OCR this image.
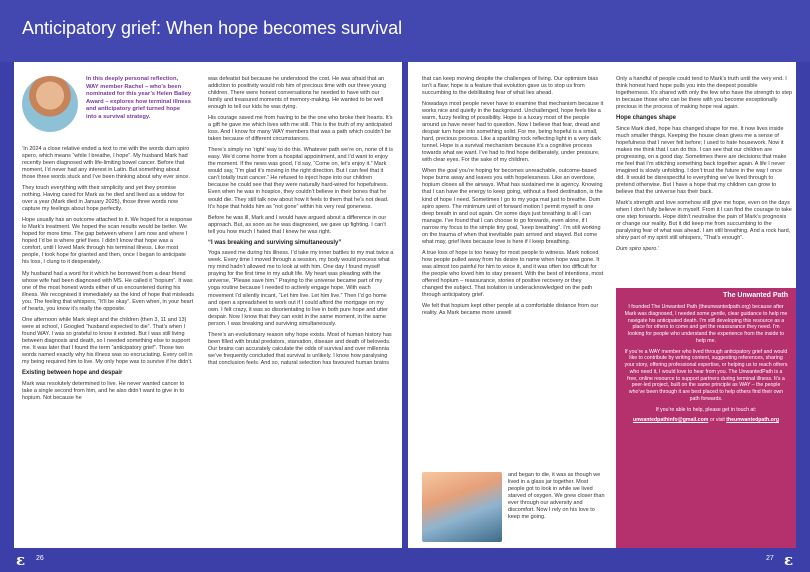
Anticipatory grief: When hope becomes survival
In this deeply personal reflection, WAY member Rachel – who’s been nominated for this year’s Helen Bailey Award – explores how terminal illness and anticipatory grief turned hope into a survival strategy.

‘In 2024 a close relative ended a text to me with the words dum spiro spero, which means “while I breathe, I hope”. My husband Mark had recently been diagnosed with life-limiting bowel cancer. Before that moment, I’d never had any interest in Latin. But something about those three words stuck and I’ve been thinking about why ever since.

They touch everything with their simplicity and yet they promise nothing. Having cared for Mark as he died and lived as a widow for over a year (Mark died in January 2025), those three words now capture my feelings about hope perfectly.

Hope usually has an outcome attached to it. We hoped for a response to Mark’s treatment. We hoped the scan results would be better. We hoped for more time. The gap between where I am now and where I hoped I’d be is where grief lives. I didn’t know that hope was a comfort, until I loved Mark through his terminal illness. Like most people, I took hope for granted and then, once I began to anticipate his loss, I clung to it desperately.

My husband had a word for it which he borrowed from a dear friend whose wife had been diagnosed with MS. He called it “hopium”. It was one of the most honest words either of us encountered during his illness. We recognised it immediately as the kind of hope that misleads you. The feeling that whispers, “It’ll be okay”. Even when, in your heart of hearts, you know it’s really the opposite.

One afternoon while Mark slept and the children (then 3, 11 and 13) were at school, I Googled “husband expected to die”. That’s when I found WAY. I was so grateful to know it existed. But I was still living between diagnosis and death, so I needed something else to support me. It was later that I found the term “anticipatory grief”. Those two words named exactly why his illness was so excruciating. Every cell in my being required him to live. My only hope was to survive if he didn’t.

Existing between hope and despair

Mark was resolutely determined to live. He never wanted cancer to take a single second from him, and he also didn’t want to give in to hopium. Not because he

was defeatist but because he understood the cost. He was afraid that an addiction to positivity would rob him of precious time with our three young children. There were honest conversations he needed to have with our family and treasured moments of memory-making. He wanted to be well enough to tell our kids he was dying.

His courage saved me from having to be the one who broke their hearts. It’s a gift he gave me which lives with me still. This is the truth of my anticipated loss. And I know for many WAY members that was a path which couldn’t be taken because of different circumstances.

There’s simply no ‘right’ way to do this. Whatever path we’re on, none of it is easy. We’d come home from a hospital appointment, and I’d want to enjoy the moment. If the news was good, I’d say, “Come on, let’s enjoy it.” Mark would say, “I’m glad it’s moving in the right direction. But I can feel that it can’t totally trust cancer.” He refused to inject hope into our children because he could see that they were naturally hard-wired for hopefulness. Even when he was in hospice, they couldn’t believe in their bones that he would die. They still talk now about how it feels to them that he’s not dead. It’s hope that holds him as “not gone” within his very real goneness.

Before he was ill, Mark and I would have argued about a difference in our approach. But, as soon as he was diagnosed, we gave up fighting. I can’t tell you how much I hated that I knew he was right.

“I was breaking and surviving simultaneously”

Yoga saved me during his illness. I’d take my inner battles to my mat twice a week. Every time I moved through a session, my body would process what my mind hadn’t allowed me to look at with him. One day I found myself praying for the first time in my adult life. My heart was pleading with the universe, “Please save him.” Praying to the universe became part of my yoga routine because I needed to actively engage hope. With each movement I’d silently incant, “Let him live. Let him live.” Then I’d go home and open a spreadsheet to work out if I could afford the mortgage on my own. I felt crazy, it was so disorientating to live in both pure hope and utter despair. Now I know that they can exist in the same moment, in the same person. I was breaking and surviving simultaneously.

There’s an evolutionary reason why hope exists. Most of human history has been filled with brutal predators, starvation, disease and death of beloveds. Our brains can accurately calculate the odds of survival and over millennia we’ve frequently concluded that survival is unlikely. I know how paralysing that conclusion feels. And so, natural selection has favoured human brains

that can keep moving despite the challenges of living. Our optimism bias isn’t a flaw; hope is a feature that evolution gave us to stop us from succumbing to the debilitating fear of what lies ahead.

Nowadays most people never have to examine that mechanism because it works nice and quietly in the background. Unchallenged, hope feels like a warm, fuzzy feeling of possibility. Hope is a luxury most of the people around us have never had to question. Now I believe that fear, dread and despair turn hope into something solid. For me, being hopeful is a small, hard, precious process. Like a sparkling rock reflecting light in a very dark tunnel. Hope is a survival mechanism because it’s a cognitive process towards what we want. I’ve had to find hope deliberately, under pressure, with clear eyes. For the sake of my children.

When the goal you’re hoping for becomes unreachable, outcome-based hope burns away and leaves you with hopelessness. Like an overdose, hopium closes all the airways. What has sustained me is agency. Knowing that I can have the energy to keep going, without a fixed destination, is the kind of hope I need. Sometimes I go to my yoga mat just to breathe. Dum spiro spero. The minimum unit of forward motion I permit myself is one deep breath in and out again. On some days just breathing is all I can manage. I’ve found that I can choose to go forwards, even alone, if I narrow my focus to the simple tiny goal, “keep breathing”. I’m still working on the trauma of when that inevitable pain arrived and stayed. But come what may, grief lives because love is here if I keep breathing.

A true loss of hope is too heavy for most people to witness. Mark noticed how people pulled away from his desire to name when hope was gone. It was almost too painful for him to voice it, and it was often too difficult for the people who loved him to stay present. With the best of intentions, most offered hopium – reassurance, stories of positive recovery or they changed the subject. That isolation is underacknowledged on the path through anticipatory grief.

We felt that hopium kept other people at a comfortable distance from our reality. As Mark became more unwell

and began to die, it was as though we lived in a glass jar together. Most people got to look in while we lived starved of oxygen. We grew closer than ever through our adversity and discomfort. Now I rely on his love to keep me going.

Only a handful of people could tend to Mark’s truth until the very end. I think honest hard hope pulls you into the deepest possible togetherness. It’s shared with only the few who have the strength to step in because those who can be there with you become exceptionally precious in the process of making hope real again.

Hope changes shape

Since Mark died, hope has changed shape for me. It now lives inside much smaller things. Keeping the house clean gives me a sense of hopefulness that I never felt before; I used to hate housework. Now it makes me think that I can do this. I can see that our children are progressing, on a good day. Sometimes there are decisions that make me feel that I’m stitching something back together again. A life I never imagined is slowly unfolding. I don’t trust the future in the way I once did. It would be disrespectful to everything we’ve lived through to pretend otherwise. But I have a hope that my children can grow to believe that the universe has their back.

Mark’s strength and love somehow still give me hope, even on the days when I don’t fully believe in myself. From it I can find the courage to take one step forwards. Hope didn’t neutralise the pain of Mark’s prognosis or change our reality. But it did keep me from succumbing to the paralysing fear of what was ahead. I am still breathing. And a rock hard, shiny part of my spirit still whispers, “That’s enough”.

Dum spiro spero.’

The Unwanted Path

I founded The Unwanted Path (theunwantedpath.org) because after Mark was diagnosed, I needed some gentle, clear guidance to help me navigate his anticipated death. I’m still developing this resource as a place for others to come and get the reassurance they need. I’m looking for people who understand the experience from the inside to help me.

If you’re a WAY member who lived through anticipatory grief and would like to contribute by writing content, suggesting references, sharing your story, offering professional expertise, or helping us to reach others who need it, I would love to hear from you. The UnwantedPath is a free, online resource to support partners during terminal illness. It’s a peer-led project, built on the same principle as WAY – the people who’ve been through it are best placed to help others find their own path forwards.

If you’re able to help, please get in touch at:

unwantedpathinfo@gmail.com or visit theunwantedpath.org

ε 26	27 ε
